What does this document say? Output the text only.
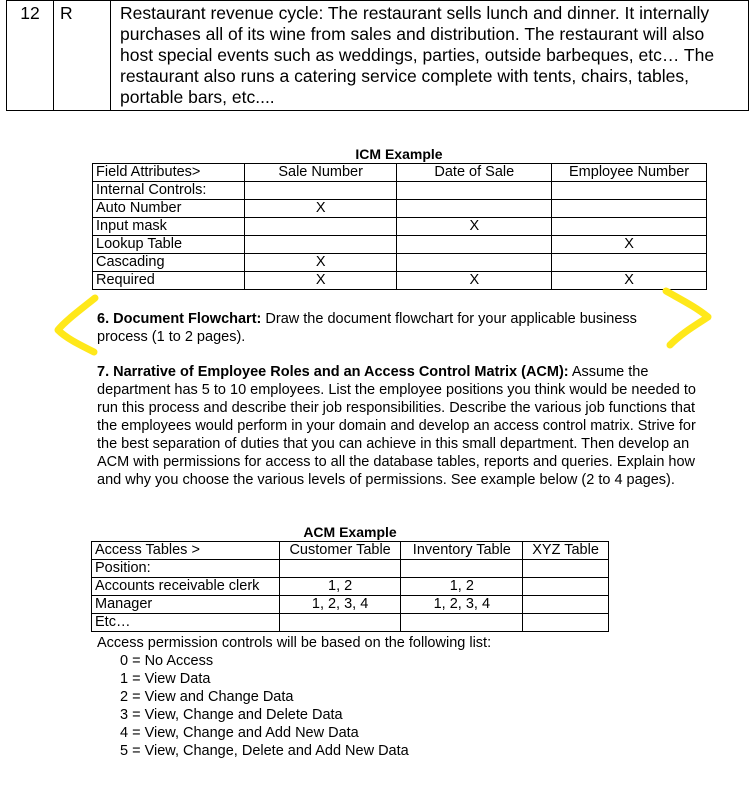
12	R	Restaurant revenue cycle: The restaurant sells lunch and dinner. It internally purchases all of its wine from sales and distribution. The restaurant will also host special events such as weddings, parties, outside barbeques, etc… The restaurant also runs a catering service complete with tents, chairs, tables, portable bars, etc....
ICM Example
Field Attributes>	Sale Number	Date of Sale	Employee Number
Internal Controls:			
Auto Number	X		
Input mask		X	
Lookup Table			X
Cascading	X		
Required	X	X	X
6. Document Flowchart: Draw the document flowchart for your applicable business process (1 to 2 pages).
7. Narrative of Employee Roles and an Access Control Matrix (ACM): Assume the department has 5 to 10 employees. List the employee positions you think would be needed to run this process and describe their job responsibilities. Describe the various job functions that the employees would perform in your domain and develop an access control matrix. Strive for the best separation of duties that you can achieve in this small department. Then develop an ACM with permissions for access to all the database tables, reports and queries. Explain how and why you choose the various levels of permissions. See example below (2 to 4 pages).
ACM Example
Access Tables >	Customer Table	Inventory Table	XYZ Table
Position:			
Accounts receivable clerk	1, 2	1, 2	
Manager	1, 2, 3, 4	1, 2, 3, 4	
Etc…			
Access permission controls will be based on the following list:
0 = No Access
1 = View Data
2 = View and Change Data
3 = View, Change and Delete Data
4 = View, Change and Add New Data
5 = View, Change, Delete and Add New Data
